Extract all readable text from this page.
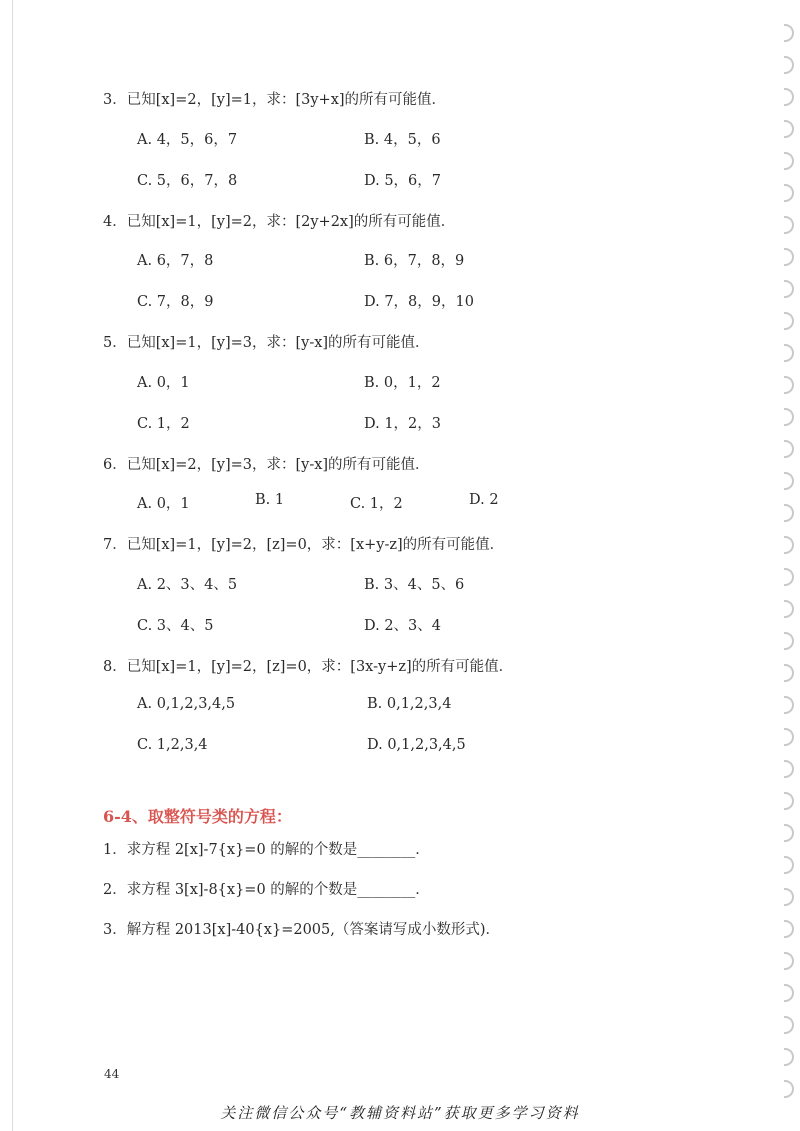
3．已知[x]=2，[y]=1，求：[3y+x]的所有可能值．
A. 4，5，6，7	B. 4，5，6
C. 5，6，7，8	D. 5，6，7
4．已知[x]=1，[y]=2，求：[2y+2x]的所有可能值．
A. 6，7，8	B. 6，7，8，9
C. 7，8，9	D. 7，8，9，10
5．已知[x]=1，[y]=3，求：[y-x]的所有可能值．
A. 0，1	B. 0，1，2
C. 1，2	D. 1，2，3
6．已知[x]=2，[y]=3，求：[y-x]的所有可能值．
A. 0，1	B. 1	C. 1，2	D. 2
7．已知[x]=1，[y]=2，[z]=0，求：[x+y-z]的所有可能值．
A. 2、3、4、5	B. 3、4、5、6
C. 3、4、5	D. 2、3、4
8．已知[x]=1，[y]=2，[z]=0，求：[3x-y+z]的所有可能值．
A. 0,1,2,3,4,5	B. 0,1,2,3,4
C. 1,2,3,4	D. 0,1,2,3,4,5
6-4、取整符号类的方程：
1．求方程 2[x]-7{x}=0 的解的个数是________．
2．求方程 3[x]-8{x}=0 的解的个数是________．
3．解方程 2013[x]-40{x}=2005,（答案请写成小数形式)．
44
关注微信公众号“教辅资料站”获取更多学习资料
